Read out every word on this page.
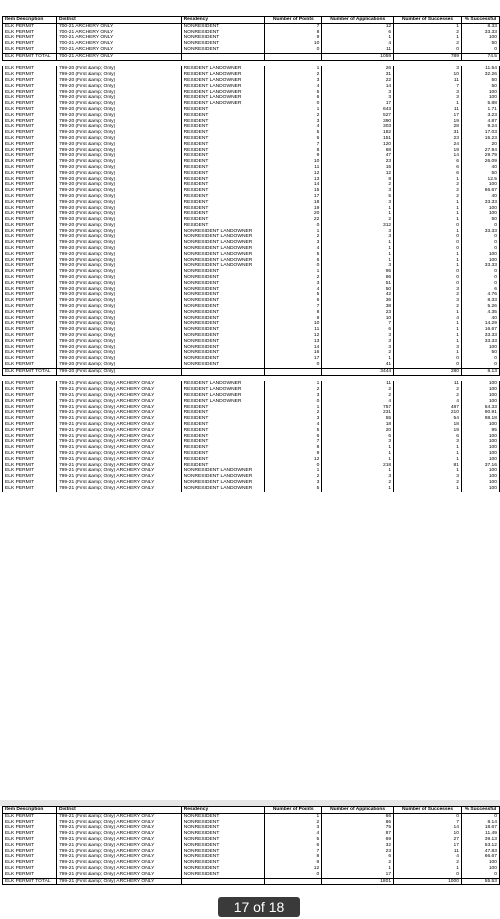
Item Description	District	Residency	Number of Points	Number of Applications	Number of Successes	% Successful
ELK PERMIT	700-21 ARCHERY ONLY	NONRESIDENT	7	12	1	8.33
ELK PERMIT	700-21 ARCHERY ONLY	NONRESIDENT	8	6	2	33.33
ELK PERMIT	700-21 ARCHERY ONLY	NONRESIDENT	9	1	1	100
ELK PERMIT	700-21 ARCHERY ONLY	NONRESIDENT	10	4	2	50
ELK PERMIT	700-21 ARCHERY ONLY	NONRESIDENT	0	11	0	0
ELK PERMIT TOTAL	700-21 ARCHERY ONLY			1059	789	74.5

ELK PERMIT	799-20 (First &amp; Only)	RESIDENT LANDOWNER	1	26	3	11.54
ELK PERMIT	799-20 (First &amp; Only)	RESIDENT LANDOWNER	2	31	10	32.26
ELK PERMIT	799-20 (First &amp; Only)	RESIDENT LANDOWNER	3	22	11	50
ELK PERMIT	799-20 (First &amp; Only)	RESIDENT LANDOWNER	4	14	7	50
ELK PERMIT	799-20 (First &amp; Only)	RESIDENT LANDOWNER	5	3	3	100
ELK PERMIT	799-20 (First &amp; Only)	RESIDENT LANDOWNER	6	3	3	100
ELK PERMIT	799-20 (First &amp; Only)	RESIDENT LANDOWNER	0	17	1	5.88
ELK PERMIT	799-20 (First &amp; Only)	RESIDENT	1	643	11	1.71
ELK PERMIT	799-20 (First &amp; Only)	RESIDENT	2	527	17	3.23
ELK PERMIT	799-20 (First &amp; Only)	RESIDENT	3	390	19	4.87
ELK PERMIT	799-20 (First &amp; Only)	RESIDENT	4	303	28	9.24
ELK PERMIT	799-20 (First &amp; Only)	RESIDENT	5	182	31	17.03
ELK PERMIT	799-20 (First &amp; Only)	RESIDENT	6	151	23	15.23
ELK PERMIT	799-20 (First &amp; Only)	RESIDENT	7	120	24	20
ELK PERMIT	799-20 (First &amp; Only)	RESIDENT	8	68	19	27.94
ELK PERMIT	799-20 (First &amp; Only)	RESIDENT	9	47	14	29.79
ELK PERMIT	799-20 (First &amp; Only)	RESIDENT	10	23	6	26.09
ELK PERMIT	799-20 (First &amp; Only)	RESIDENT	11	15	6	40
ELK PERMIT	799-20 (First &amp; Only)	RESIDENT	12	12	6	50
ELK PERMIT	799-20 (First &amp; Only)	RESIDENT	13	8	1	12.5
ELK PERMIT	799-20 (First &amp; Only)	RESIDENT	14	2	2	100
ELK PERMIT	799-20 (First &amp; Only)	RESIDENT	15	3	2	66.67
ELK PERMIT	799-20 (First &amp; Only)	RESIDENT	17	5	2	40
ELK PERMIT	799-20 (First &amp; Only)	RESIDENT	18	3	1	33.33
ELK PERMIT	799-20 (First &amp; Only)	RESIDENT	19	1	1	100
ELK PERMIT	799-20 (First &amp; Only)	RESIDENT	20	1	1	100
ELK PERMIT	799-20 (First &amp; Only)	RESIDENT	22	2	1	50
ELK PERMIT	799-20 (First &amp; Only)	RESIDENT	0	312	0	0
ELK PERMIT	799-20 (First &amp; Only)	NONRESIDENT LANDOWNER	1	3	1	33.33
ELK PERMIT	799-20 (First &amp; Only)	NONRESIDENT LANDOWNER	2	3	0	0
ELK PERMIT	799-20 (First &amp; Only)	NONRESIDENT LANDOWNER	3	1	0	0
ELK PERMIT	799-20 (First &amp; Only)	NONRESIDENT LANDOWNER	4	1	0	0
ELK PERMIT	799-20 (First &amp; Only)	NONRESIDENT LANDOWNER	5	1	1	100
ELK PERMIT	799-20 (First &amp; Only)	NONRESIDENT LANDOWNER	6	1	1	100
ELK PERMIT	799-20 (First &amp; Only)	NONRESIDENT LANDOWNER	0	3	1	33.33
ELK PERMIT	799-20 (First &amp; Only)	NONRESIDENT	1	95	0	0
ELK PERMIT	799-20 (First &amp; Only)	NONRESIDENT	2	86	0	0
ELK PERMIT	799-20 (First &amp; Only)	NONRESIDENT	3	51	0	0
ELK PERMIT	799-20 (First &amp; Only)	NONRESIDENT	4	50	3	6
ELK PERMIT	799-20 (First &amp; Only)	NONRESIDENT	5	42	2	4.76
ELK PERMIT	799-20 (First &amp; Only)	NONRESIDENT	6	36	3	8.33
ELK PERMIT	799-20 (First &amp; Only)	NONRESIDENT	7	38	2	5.26
ELK PERMIT	799-20 (First &amp; Only)	NONRESIDENT	8	23	1	4.35
ELK PERMIT	799-20 (First &amp; Only)	NONRESIDENT	9	10	4	40
ELK PERMIT	799-20 (First &amp; Only)	NONRESIDENT	10	7	1	14.29
ELK PERMIT	799-20 (First &amp; Only)	NONRESIDENT	11	6	1	16.67
ELK PERMIT	799-20 (First &amp; Only)	NONRESIDENT	12	3	1	33.33
ELK PERMIT	799-20 (First &amp; Only)	NONRESIDENT	13	3	1	33.33
ELK PERMIT	799-20 (First &amp; Only)	NONRESIDENT	14	3	3	100
ELK PERMIT	799-20 (First &amp; Only)	NONRESIDENT	16	2	1	50
ELK PERMIT	799-20 (First &amp; Only)	NONRESIDENT	17	1	0	0
ELK PERMIT	799-20 (First &amp; Only)	NONRESIDENT	0	41	0	0
ELK PERMIT TOTAL	799-20 (First &amp; Only)			3444	280	8.13

ELK PERMIT	799-21 (First &amp; Only) ARCHERY ONLY	RESIDENT LANDOWNER	1	11	11	100
ELK PERMIT	799-21 (First &amp; Only) ARCHERY ONLY	RESIDENT LANDOWNER	2	2	2	100
ELK PERMIT	799-21 (First &amp; Only) ARCHERY ONLY	RESIDENT LANDOWNER	3	2	2	100
ELK PERMIT	799-21 (First &amp; Only) ARCHERY ONLY	RESIDENT LANDOWNER	0	4	4	100
ELK PERMIT	799-21 (First &amp; Only) ARCHERY ONLY	RESIDENT	1	757	487	64.33
ELK PERMIT	799-21 (First &amp; Only) ARCHERY ONLY	RESIDENT	2	231	210	90.91
ELK PERMIT	799-21 (First &amp; Only) ARCHERY ONLY	RESIDENT	3	55	54	98.18
ELK PERMIT	799-21 (First &amp; Only) ARCHERY ONLY	RESIDENT	4	18	18	100
ELK PERMIT	799-21 (First &amp; Only) ARCHERY ONLY	RESIDENT	5	20	19	95
ELK PERMIT	799-21 (First &amp; Only) ARCHERY ONLY	RESIDENT	6	6	6	100
ELK PERMIT	799-21 (First &amp; Only) ARCHERY ONLY	RESIDENT	7	3	3	100
ELK PERMIT	799-21 (First &amp; Only) ARCHERY ONLY	RESIDENT	8	1	1	100
ELK PERMIT	799-21 (First &amp; Only) ARCHERY ONLY	RESIDENT	9	1	1	100
ELK PERMIT	799-21 (First &amp; Only) ARCHERY ONLY	RESIDENT	12	1	1	100
ELK PERMIT	799-21 (First &amp; Only) ARCHERY ONLY	RESIDENT	0	218	81	37.16
ELK PERMIT	799-21 (First &amp; Only) ARCHERY ONLY	NONRESIDENT LANDOWNER	1	1	1	100
ELK PERMIT	799-21 (First &amp; Only) ARCHERY ONLY	NONRESIDENT LANDOWNER	2	3	3	100
ELK PERMIT	799-21 (First &amp; Only) ARCHERY ONLY	NONRESIDENT LANDOWNER	3	2	2	100
ELK PERMIT	799-21 (First &amp; Only) ARCHERY ONLY	NONRESIDENT LANDOWNER	5	1	1	100
Item Description	District	Residency	Number of Points	Number of Applications	Number of Successes	% Successful
ELK PERMIT	799-21 (First &amp; Only) ARCHERY ONLY	NONRESIDENT	1	66	0	0
ELK PERMIT	799-21 (First &amp; Only) ARCHERY ONLY	NONRESIDENT	2	86	7	8.14
ELK PERMIT	799-21 (First &amp; Only) ARCHERY ONLY	NONRESIDENT	3	75	14	18.67
ELK PERMIT	799-21 (First &amp; Only) ARCHERY ONLY	NONRESIDENT	4	87	10	11.49
ELK PERMIT	799-21 (First &amp; Only) ARCHERY ONLY	NONRESIDENT	5	69	27	39.13
ELK PERMIT	799-21 (First &amp; Only) ARCHERY ONLY	NONRESIDENT	6	32	17	53.12
ELK PERMIT	799-21 (First &amp; Only) ARCHERY ONLY	NONRESIDENT	7	23	11	47.83
ELK PERMIT	799-21 (First &amp; Only) ARCHERY ONLY	NONRESIDENT	8	6	4	66.67
ELK PERMIT	799-21 (First &amp; Only) ARCHERY ONLY	NONRESIDENT	9	2	2	100
ELK PERMIT	799-21 (First &amp; Only) ARCHERY ONLY	NONRESIDENT	12	1	1	100
ELK PERMIT	799-21 (First &amp; Only) ARCHERY ONLY	NONRESIDENT	0	17	0	0
ELK PERMIT TOTAL	799-21 (First &amp; Only) ARCHERY ONLY			1801	1000	55.53
17 of 18
